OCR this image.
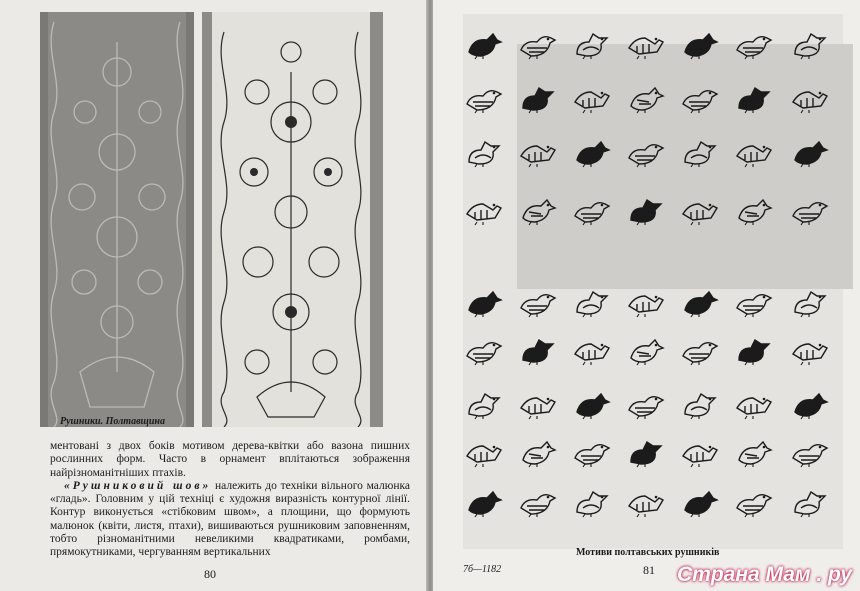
Рушники. Полтавщина

ментовані з двох боків мотивом дерева-квітки або вазона пишних рослинних форм. Часто в орнамент вплітаються зображення найрізноманітніших птахів.

«Рушниковий шов» належить до техніки вільного малюнка «гладь». Головним у цій техніці є художня виразність контурної лінії. Контур виконується «стібковим швом», а площини, що формують малюнок (квіти, листя, птахи), вишиваються рушниковим заповненням, тобто різноманітними невеликими квадратиками, ромбами, прямокутниками, чергуванням вертикальних

80
Мотиви полтавських рушників
7б—1182	81 Страна Мам . ру
